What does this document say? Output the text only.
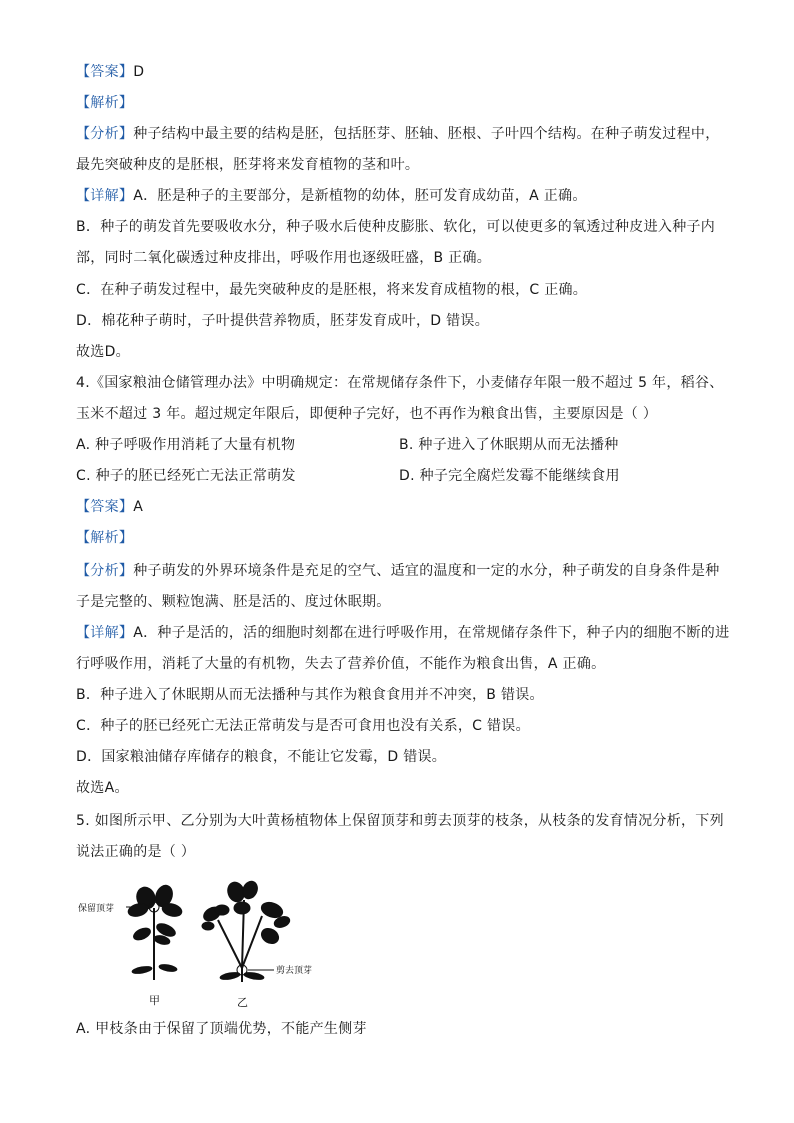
【答案】D
【解析】
【分析】种子结构中最主要的结构是胚，包括胚芽、胚轴、胚根、子叶四个结构。在种子萌发过程中，
最先突破种皮的是胚根，胚芽将来发育植物的茎和叶。
【详解】A．胚是种子的主要部分，是新植物的幼体，胚可发育成幼苗，A 正确。
B．种子的萌发首先要吸收水分，种子吸水后使种皮膨胀、软化，可以使更多的氧透过种皮进入种子内
部，同时二氧化碳透过种皮排出，呼吸作用也逐级旺盛，B 正确。
C．在种子萌发过程中，最先突破种皮的是胚根，将来发育成植物的根，C 正确。
D．棉花种子萌时，子叶提供营养物质，胚芽发育成叶，D 错误。
故选D。
4.《国家粮油仓储管理办法》中明确规定：在常规储存条件下，小麦储存年限一般不超过 5 年，稻谷、
玉米不超过 3 年。超过规定年限后，即便种子完好，也不再作为粮食出售，主要原因是（ ）
A. 种子呼吸作用消耗了大量有机物	B. 种子进入了休眠期从而无法播种
C. 种子的胚已经死亡无法正常萌发	D. 种子完全腐烂发霉不能继续食用
【答案】A
【解析】
【分析】种子萌发的外界环境条件是充足的空气、适宜的温度和一定的水分，种子萌发的自身条件是种
子是完整的、颗粒饱满、胚是活的、度过休眠期。
【详解】A．种子是活的，活的细胞时刻都在进行呼吸作用，在常规储存条件下，种子内的细胞不断的进
行呼吸作用，消耗了大量的有机物，失去了营养价值，不能作为粮食出售，A 正确。
B．种子进入了休眠期从而无法播种与其作为粮食食用并不冲突，B 错误。
C．种子的胚已经死亡无法正常萌发与是否可食用也没有关系，C 错误。
D．国家粮油储存库储存的粮食，不能让它发霉，D 错误。
故选A。
5. 如图所示甲、乙分别为大叶黄杨植物体上保留顶芽和剪去顶芽的枝条，从枝条的发育情况分析，下列
说法正确的是（ ）
保留顶芽
剪去顶芽
甲	乙
A. 甲枝条由于保留了顶端优势，不能产生侧芽
